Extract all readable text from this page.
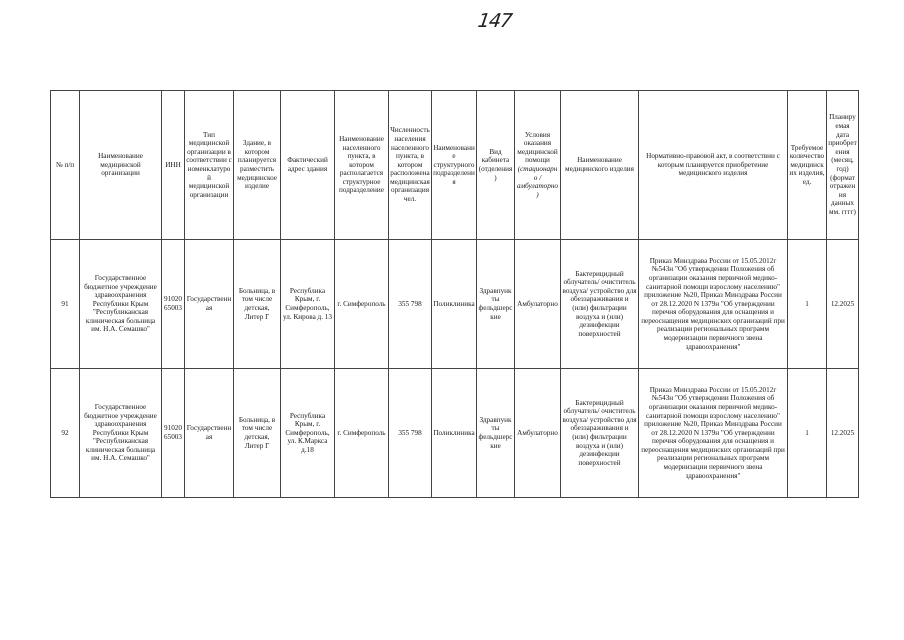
147
№ п/п	Наименование медицинской организации	ИНН	Тип медицинской организации в соответствии с номенклатурой медицинской организации	Здание, в котором планируется разместить медицинское изделие	Фактический адрес здания	Наименование населенного пункта, в котором располагается структурное подразделение	Численность населения населенного пункта, в котором расположена медицинская организация чел.	Наименование структурного подразделения	Вид кабинета (отделения)	Условия оказания медицинской помощи (стационарно / амбулаторно)	Наименование медицинского изделия	Нормативно-правовой акт, в соответствии с которым планируется приобретение медицинского изделия	Требуемое количество медицинских изделия, ед.	Планируемая дата приобретения (месяц, год) (формат отражения данных мм. гггг)
91	Государственное бюджетное учреждение здравоохранения Республики Крым "Республиканская клиническая больница им. Н.А. Семашко"	9102065003	Государственная	Больница, в том числе детская, Литер Г	Республика Крым, г. Симферополь, ул. Кирова д. 13	г. Симферополь	355 798	Поликлиника	Здравпункты фельдшерские	Амбулаторно	Бактерицидный облучатель/ очиститель воздуха/ устройство для обеззараживания и (или) фильтрации воздуха и (или) дезинфекции поверхностей	Приказ Минздрава России от 15.05.2012г №543н "Об утверждении Положения об организации оказания первичной медико-санитарной помощи взрослому населению" приложение №20, Приказ Минздрава России от 28.12.2020 N 1379н "Об утверждении перечня оборудования для оснащения и переоснащения медицинских организаций при реализации региональных программ модернизации первичного звена здравоохранения"	1	12.2025
92	Государственное бюджетное учреждение здравоохранения Республики Крым "Республиканская клиническая больница им. Н.А. Семашко"	9102065003	Государственная	Больница, в том числе детская, Литер Г	Республика Крым, г. Симферополь, ул. К.Маркса д.18	г. Симферополь	355 798	Поликлиника	Здравпункты фельдшерские	Амбулаторно	Бактерицидный облучатель/ очиститель воздуха/ устройство для обеззараживания и (или) фильтрации воздуха и (или) дезинфекции поверхностей	Приказ Минздрава России от 15.05.2012г №543н "Об утверждении Положения об организации оказания первичной медико-санитарной помощи взрослому населению" приложение №20, Приказ Минздрава России от 28.12.2020 N 1379н "Об утверждении перечня оборудования для оснащения и переоснащения медицинских организаций при реализации региональных программ модернизации первичного звена здравоохранения"	1	12.2025
